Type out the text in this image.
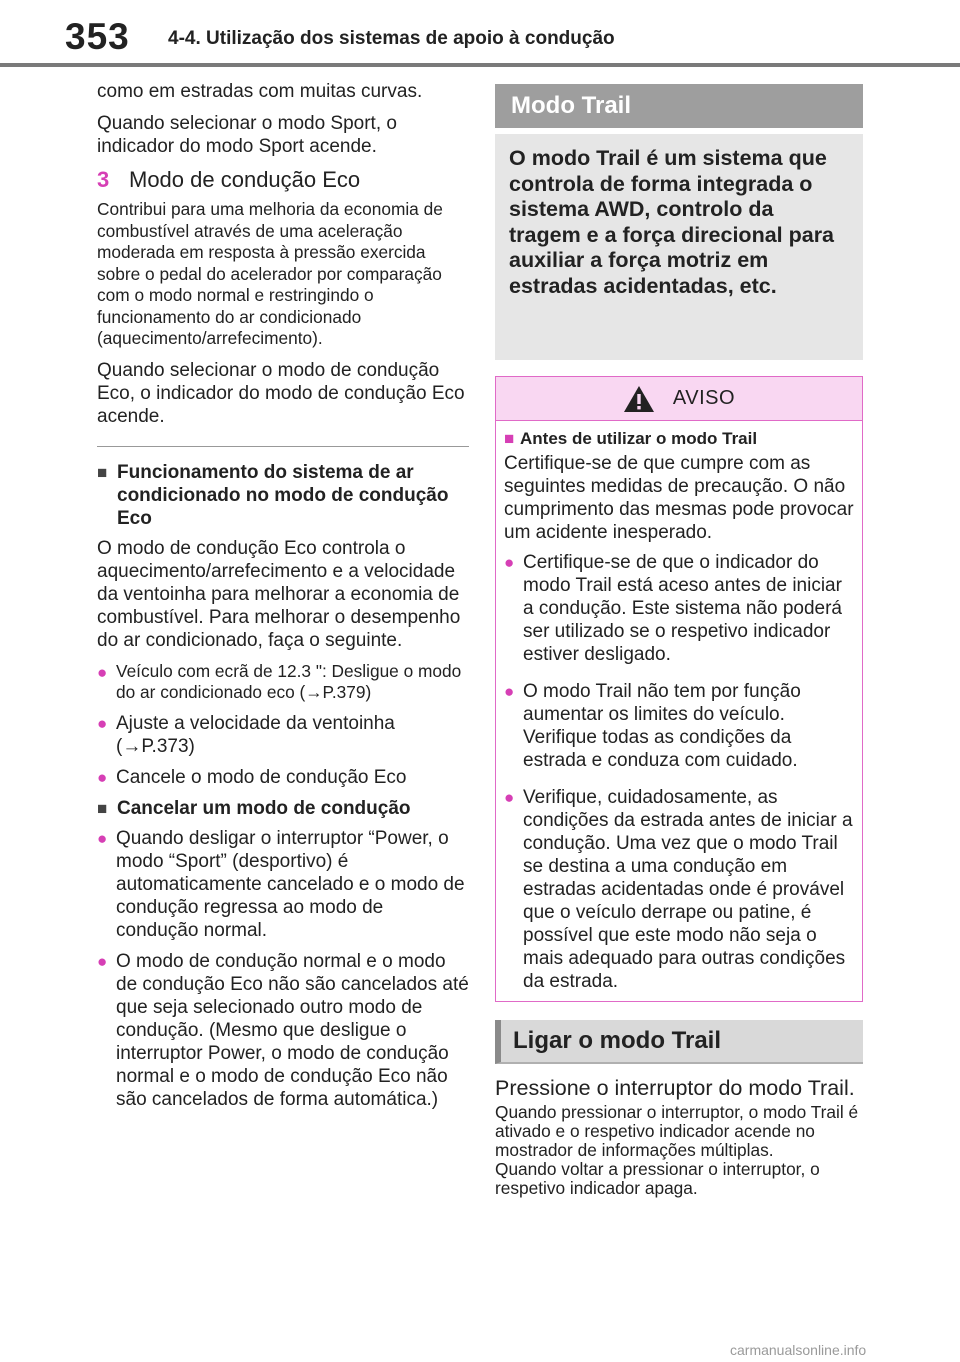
353 4-4. Utilização dos sistemas de apoio à condução

como em estradas com muitas curvas.

Quando selecionar o modo Sport, o indicador do modo Sport acende.

3 Modo de condução Eco

Contribui para uma melhoria da economia de combustível através de uma aceleração moderada em resposta à pressão exercida sobre o pedal do acelerador por comparação com o modo normal e restringindo o funcionamento do ar condicionado (aquecimento/arrefecimento).

Quando selecionar o modo de condução Eco, o indicador do modo de condução Eco acende.

■ Funcionamento do sistema de ar condicionado no modo de condução Eco

O modo de condução Eco controla o aquecimento/arrefecimento e a velocidade da ventoinha para melhorar a economia de combustível. Para melhorar o desempenho do ar condicionado, faça o seguinte.

● Veículo com ecrã de 12.3 ": Desligue o modo do ar condicionado eco (→P.379)
● Ajuste a velocidade da ventoinha (→P.373)
● Cancele o modo de condução Eco
■ Cancelar um modo de condução
● Quando desligar o interruptor “Power, o modo “Sport” (desportivo) é automaticamente cancelado e o modo de condução regressa ao modo de condução normal.
● O modo de condução normal e o modo de condução Eco não são cancelados até que seja selecionado outro modo de condução. (Mesmo que desligue o interruptor Power, o modo de condução normal e o modo de condução Eco não são cancelados de forma automática.)
Modo Trail
O modo Trail é um sistema que controla de forma integrada o sistema AWD, controlo da tragem e a força direcional para auxiliar a força motriz em estradas acidentadas, etc.
AVISO
■ Antes de utilizar o modo Trail

Certifique-se de que cumpre com as seguintes medidas de precaução. O não cumprimento das mesmas pode provocar um acidente inesperado.

● Certifique-se de que o indicador do modo Trail está aceso antes de iniciar a condução. Este sistema não poderá ser utilizado se o respetivo indicador estiver desligado.
● O modo Trail não tem por função aumentar os limites do veículo. Verifique todas as condições da estrada e conduza com cuidado.
● Verifique, cuidadosamente, as condições da estrada antes de iniciar a condução. Uma vez que o modo Trail se destina a uma condução em estradas acidentadas onde é provável que o veículo derrape ou patine, é possível que este modo não seja o mais adequado para outras condições da estrada.
Ligar o modo Trail
Pressione o interruptor do modo Trail.

Quando pressionar o interruptor, o modo Trail é ativado e o respetivo indicador acende no mostrador de informações múltiplas.

Quando voltar a pressionar o interruptor, o respetivo indicador apaga.

carmanualsonline.info
